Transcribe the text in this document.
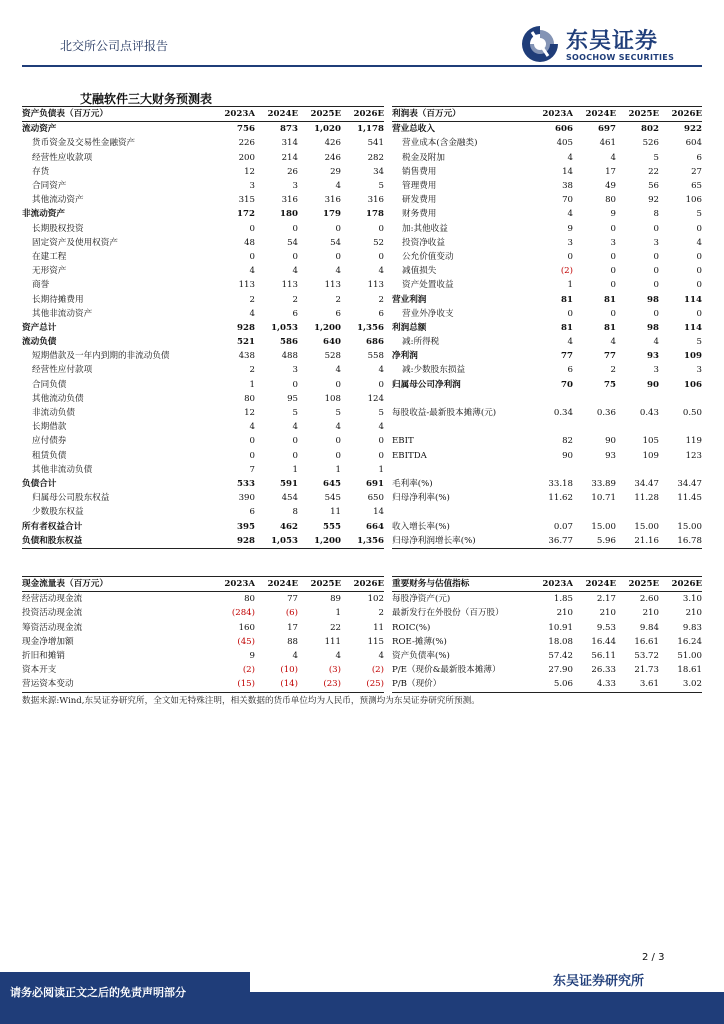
北交所公司点评报告	东吴证券
SOOCHOW SECURITIES
艾融软件三大财务预测表
资产负债表（百万元）	2023A	2024E	2025E	2026E
流动资产	756	873	1,020	1,178
货币资金及交易性金融资产	226	314	426	541
经营性应收款项	200	214	246	282
存货	12	26	29	34
合同资产	3	3	4	5
其他流动资产	315	316	316	316
非流动资产	172	180	179	178
长期股权投资	0	0	0	0
固定资产及使用权资产	48	54	54	52
在建工程	0	0	0	0
无形资产	4	4	4	4
商誉	113	113	113	113
长期待摊费用	2	2	2	2
其他非流动资产	4	6	6	6
资产总计	928	1,053	1,200	1,356
流动负债	521	586	640	686
短期借款及一年内到期的非流动负债	438	488	528	558
经营性应付款项	2	3	4	4
合同负债	1	0	0	0
其他流动负债	80	95	108	124
非流动负债	12	5	5	5
长期借款	4	4	4	4
应付债券	0	0	0	0
租赁负债	0	0	0	0
其他非流动负债	7	1	1	1
负债合计	533	591	645	691
归属母公司股东权益	390	454	545	650
少数股东权益	6	8	11	14
所有者权益合计	395	462	555	664
负债和股东权益	928	1,053	1,200	1,356
利润表（百万元）	2023A	2024E	2025E	2026E
营业总收入	606	697	802	922
营业成本(含金融类)	405	461	526	604
税金及附加	4	4	5	6
销售费用	14	17	22	27
管理费用	38	49	56	65
研发费用	70	80	92	106
财务费用	4	9	8	5
加:其他收益	9	0	0	0
投资净收益	3	3	3	4
公允价值变动	0	0	0	0
减值损失	(2)	0	0	0
资产处置收益	1	0	0	0
营业利润	81	81	98	114
营业外净收支	0	0	0	0
利润总额	81	81	98	114
减:所得税	4	4	4	5
净利润	77	77	93	109
减:少数股东损益	6	2	3	3
归属母公司净利润	70	75	90	106

每股收益-最新股本摊薄(元)	0.34	0.36	0.43	0.50

EBIT	82	90	105	119
EBITDA	90	93	109	123

毛利率(%)	33.18	33.89	34.47	34.47
归母净利率(%)	11.62	10.71	11.28	11.45

收入增长率(%)	0.07	15.00	15.00	15.00
归母净利润增长率(%)	36.77	5.96	21.16	16.78
现金流量表（百万元）	2023A	2024E	2025E	2026E
经营活动现金流	80	77	89	102
投资活动现金流	(284)	(6)	1	2
筹资活动现金流	160	17	22	11
现金净增加额	(45)	88	111	115
折旧和摊销	9	4	4	4
资本开支	(2)	(10)	(3)	(2)
营运资本变动	(15)	(14)	(23)	(25)
重要财务与估值指标	2023A	2024E	2025E	2026E
每股净资产(元)	1.85	2.17	2.60	3.10
最新发行在外股份（百万股）	210	210	210	210
ROIC(%)	10.91	9.53	9.84	9.83
ROE-摊薄(%)	18.08	16.44	16.61	16.24
资产负债率(%)	57.42	56.11	53.72	51.00
P/E（现价&最新股本摊薄）	27.90	26.33	21.73	18.61
P/B（现价）	5.06	4.33	3.61	3.02
数据来源:Wind,东吴证券研究所，全文如无特殊注明，相关数据的货币单位均为人民币，预测均为东吴证券研究所预测。
2 / 3
请务必阅读正文之后的免责声明部分
东吴证券研究所
